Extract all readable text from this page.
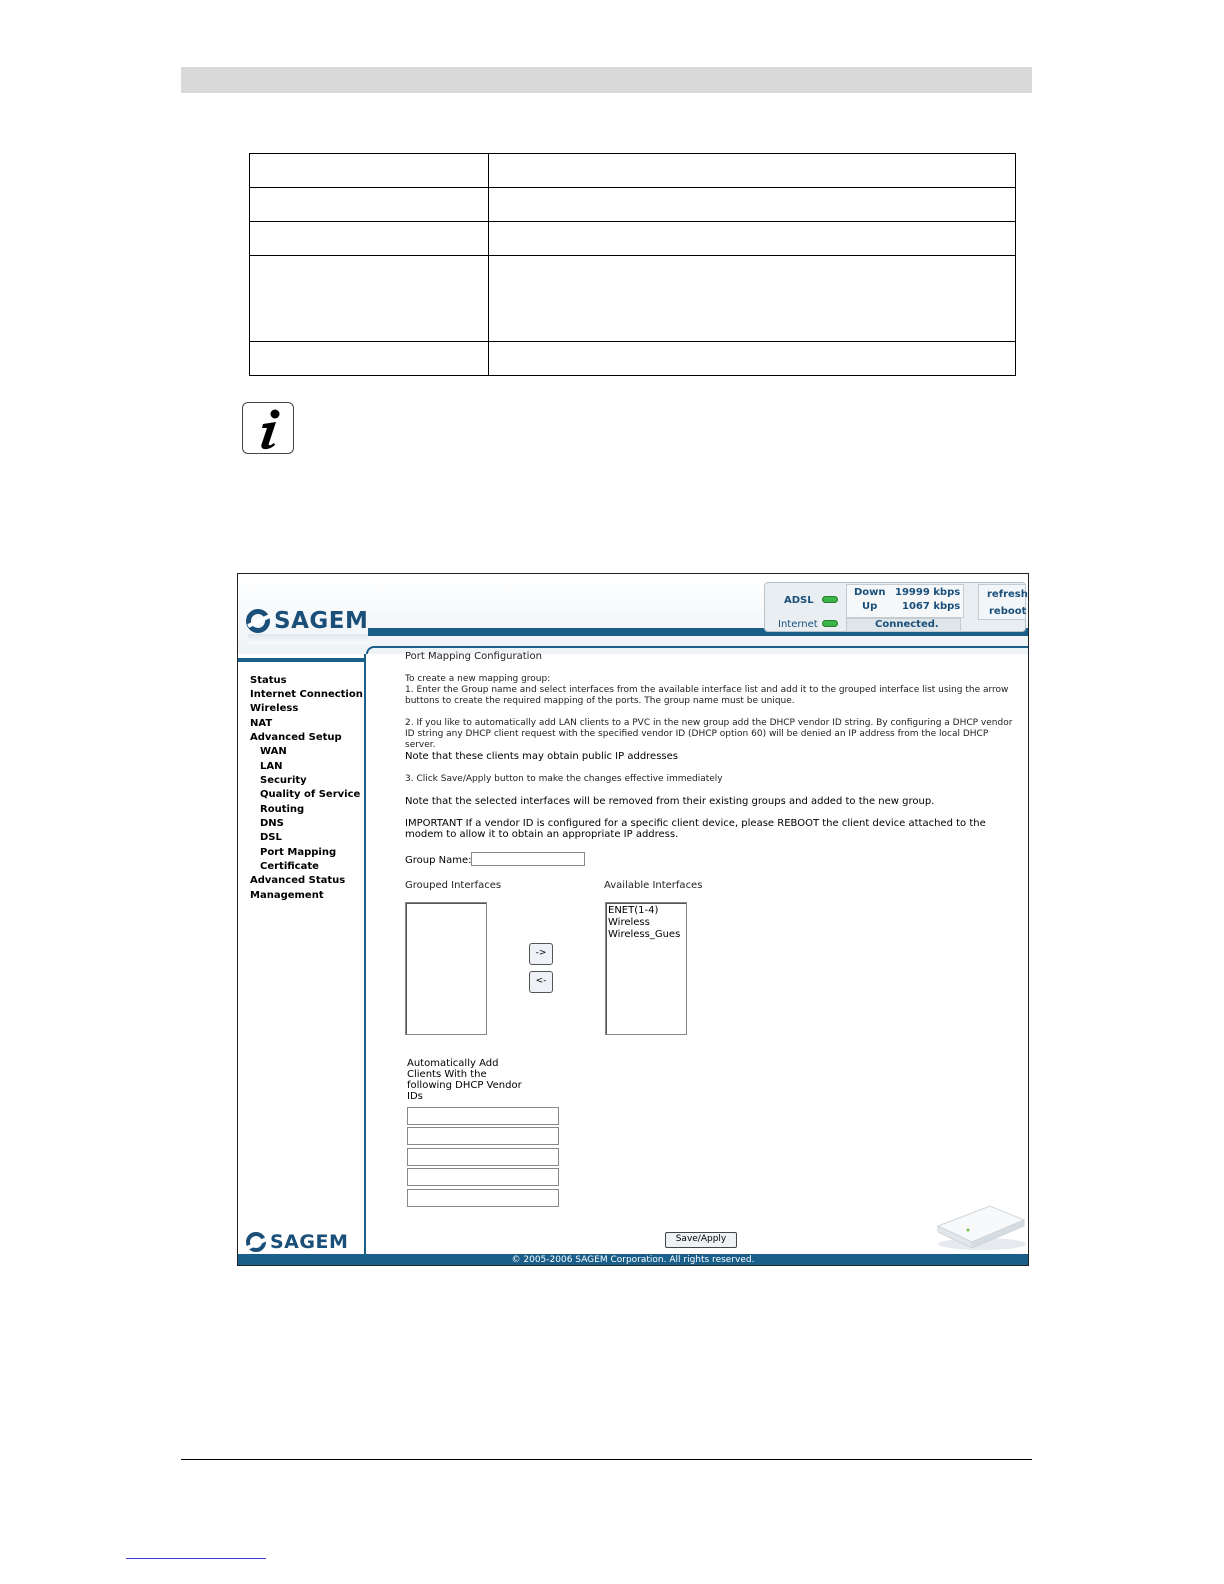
SAGEM
ADSL
Internet
Down 19999 kbps
Up 1067 kbps
Connected.
refresh
reboot
Status
Internet Connection
Wireless
NAT
Advanced Setup
WAN
LAN
Security
Quality of Service
Routing
DNS
DSL
Port Mapping
Certificate
Advanced Status
Management
Port Mapping Configuration
To create a new mapping group:
1. Enter the Group name and select interfaces from the available interface list and add it to the grouped interface list using the arrow
buttons to create the required mapping of the ports. The group name must be unique.
2. If you like to automatically add LAN clients to a PVC in the new group add the DHCP vendor ID string. By configuring a DHCP vendor
ID string any DHCP client request with the specified vendor ID (DHCP option 60) will be denied an IP address from the local DHCP
server.
Note that these clients may obtain public IP addresses
3. Click Save/Apply button to make the changes effective immediately
Note that the selected interfaces will be removed from their existing groups and added to the new group.
IMPORTANT If a vendor ID is configured for a specific client device, please REBOOT the client device attached to the
modem to allow it to obtain an appropriate IP address.
Group Name:
Grouped Interfaces	Available Interfaces
ENET(1-4)
Wireless
Wireless_Gues
->
<-
Automatically Add
Clients With the
following DHCP Vendor
IDs
Save/Apply
SAGEM
© 2005-2006 SAGEM Corporation. All rights reserved.
